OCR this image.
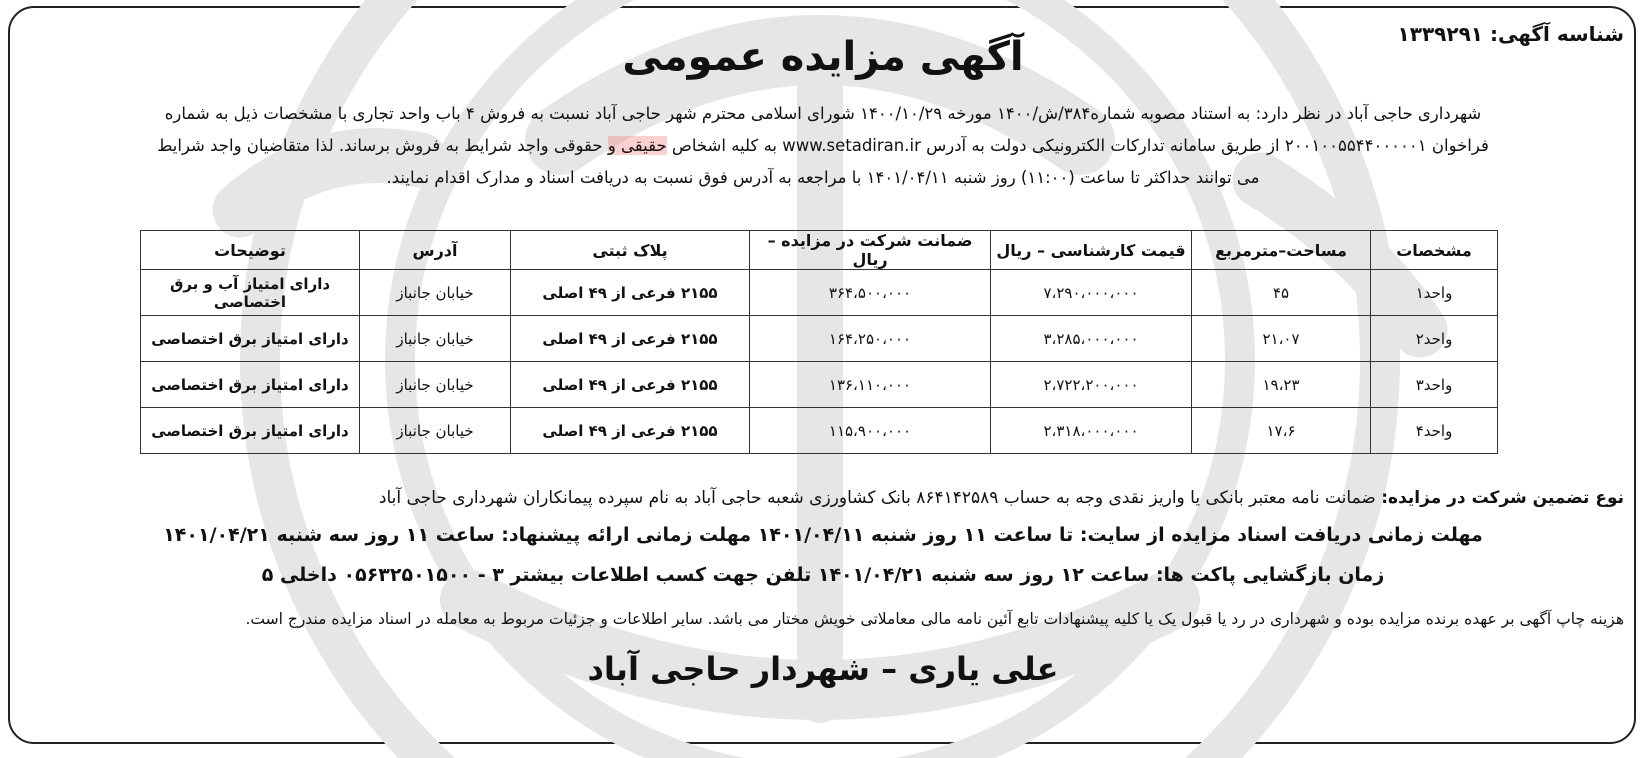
شناسه آگهی: ۱۳۳۹۲۹۱
آگهی مزایده عمومی
شهرداری حاجی آباد در نظر دارد: به استناد مصوبه شماره۳۸۴/ش/۱۴۰۰ مورخه ۱۴۰۰/۱۰/۲۹ شورای اسلامی محترم شهر حاجی آباد نسبت به فروش ۴ باب واحد تجاری با مشخصات ذیل به شماره
فراخوان ۲۰۰۱۰۰۵۵۴۴۰۰۰۰۰۱ از طریق سامانه تدارکات الکترونیکی دولت به آدرس www.setadiran.ir به کلیه اشخاص حقیقی و حقوقی واجد شرایط به فروش برساند. لذا متقاضیان واجد شرایط
می توانند حداکثر تا ساعت (۱۱:۰۰) روز شنبه ۱۴۰۱/۰۴/۱۱ با مراجعه به آدرس فوق نسبت به دریافت اسناد و مدارک اقدام نمایند.
مشخصات	مساحت–مترمربع	قیمت کارشناسی – ریال	ضمانت شرکت در مزایده – ریال	پلاک ثبتی	آدرس	توضیحات
واحد۱	۴۵	۷،۲۹۰،۰۰۰،۰۰۰	۳۶۴،۵۰۰،۰۰۰	۲۱۵۵ فرعی از ۴۹ اصلی	خیابان جانباز	دارای امتیاز آب و برق اختصاصی
واحد۲	۲۱،۰۷	۳،۲۸۵،۰۰۰،۰۰۰	۱۶۴،۲۵۰،۰۰۰	۲۱۵۵ فرعی از ۴۹ اصلی	خیابان جانباز	دارای امتیاز برق اختصاصی
واحد۳	۱۹،۲۳	۲،۷۲۲،۲۰۰،۰۰۰	۱۳۶،۱۱۰،۰۰۰	۲۱۵۵ فرعی از ۴۹ اصلی	خیابان جانباز	دارای امتیاز برق اختصاصی
واحد۴	۱۷،۶	۲،۳۱۸،۰۰۰،۰۰۰	۱۱۵،۹۰۰،۰۰۰	۲۱۵۵ فرعی از ۴۹ اصلی	خیابان جانباز	دارای امتیاز برق اختصاصی
نوع تضمین شرکت در مزایده: ضمانت نامه معتبر بانکی یا واریز نقدی وجه به حساب ۸۶۴۱۴۲۵۸۹ بانک کشاورزی شعبه حاجی آباد به نام سپرده پیمانکاران شهرداری حاجی آباد
مهلت زمانی دریافت اسناد مزایده از سایت: تا ساعت ۱۱ روز شنبه ۱۴۰۱/۰۴/۱۱ مهلت زمانی ارائه پیشنهاد: ساعت ۱۱ روز سه شنبه ۱۴۰۱/۰۴/۲۱
زمان بازگشایی پاکت ها: ساعت ۱۲ روز سه شنبه ۱۴۰۱/۰۴/۲۱ تلفن جهت کسب اطلاعات بیشتر ۳ - ۰۵۶۳۲۵۰۱۵۰۰ داخلی ۵
هزینه چاپ آگهی بر عهده برنده مزایده بوده و شهرداری در رد یا قبول یک یا کلیه پیشنهادات تابع آئین نامه مالی معاملاتی خویش مختار می باشد. سایر اطلاعات و جزئیات مربوط به معامله در اسناد مزایده مندرج است.
علی یاری – شهردار حاجی آباد
